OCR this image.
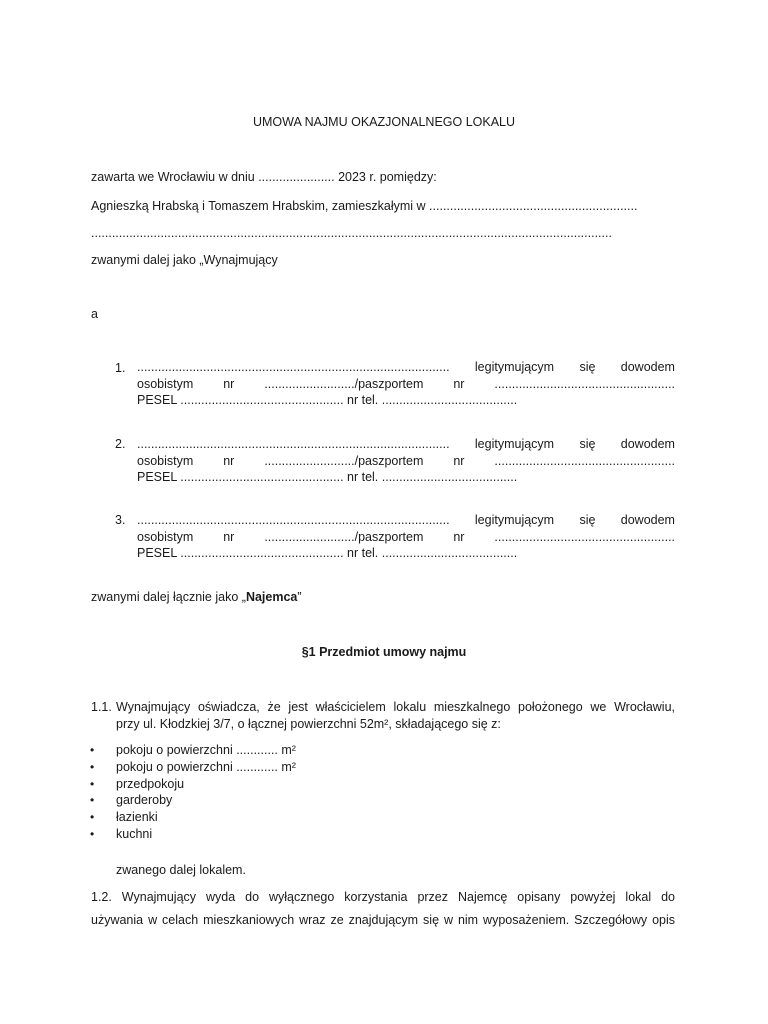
UMOWA NAJMU OKAZJONALNEGO LOKALU
zawarta we Wrocławiu w dniu ...................... 2023 r. pomiędzy:
Agnieszką Hrabską i Tomaszem Hrabskim, zamieszkałymi w ............................................................
......................................................................................................................................................
zwanymi dalej jako „Wynajmujący
a
1. .......................................................................................... legitymującym się dowodem
osobistym nr ........................../paszportem nr ....................................................
PESEL ............................................... nr tel. .......................................
2. .......................................................................................... legitymującym się dowodem
osobistym nr ........................../paszportem nr ....................................................
PESEL ............................................... nr tel. .......................................
3. .......................................................................................... legitymującym się dowodem
osobistym nr ........................../paszportem nr ....................................................
PESEL ............................................... nr tel. .......................................
zwanymi dalej łącznie jako „Najemca”
§1 Przedmiot umowy najmu
1.1. Wynajmujący oświadcza, że jest właścicielem lokalu mieszkalnego położonego we Wrocławiu,
przy ul. Kłodzkiej 3/7, o łącznej powierzchni 52m², składającego się z:
• pokoju o powierzchni ............ m²
• pokoju o powierzchni ............ m²
• przedpokoju
• garderoby
• łazienki
• kuchni
zwanego dalej lokalem.
1.2. Wynajmujący wyda do wyłącznego korzystania przez Najemcę opisany powyżej lokal do
używania w celach mieszkaniowych wraz ze znajdującym się w nim wyposażeniem. Szczegółowy opis
